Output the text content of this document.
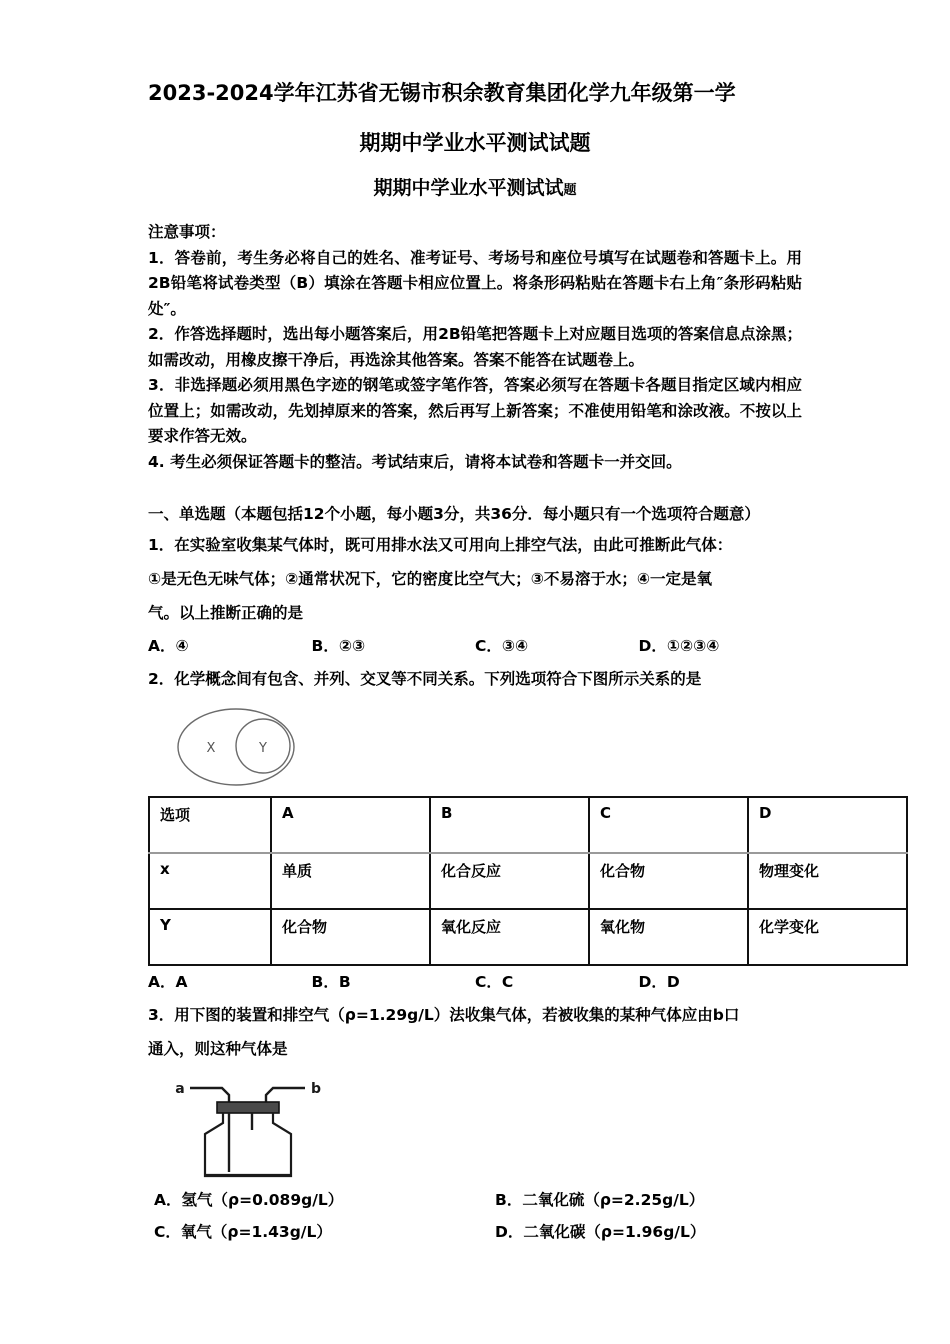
2023-2024学年江苏省无锡市积余教育集团化学九年级第一学
期期中学业水平测试试题
期期中学业水平测试试题

注意事项：

1．答卷前，考生务必将自己的姓名、准考证号、考场号和座位号填写在试题卷和答题卡上。用2B铅笔将试卷类型（B）填涂在答题卡相应位置上。将条形码粘贴在答题卡右上角″条形码粘贴处″。

2．作答选择题时，选出每小题答案后，用2B铅笔把答题卡上对应题目选项的答案信息点涂黑；如需改动，用橡皮擦干净后，再选涂其他答案。答案不能答在试题卷上。

3．非选择题必须用黑色字迹的钢笔或签字笔作答，答案必须写在答题卡各题目指定区域内相应位置上；如需改动，先划掉原来的答案，然后再写上新答案；不准使用铅笔和涂改液。不按以上要求作答无效。

4. 考生必须保证答题卡的整洁。考试结束后，请将本试卷和答题卡一并交回。

一、单选题（本题包括12个小题，每小题3分，共36分．每小题只有一个选项符合题意）

1．在实验室收集某气体时，既可用排水法又可用向上排空气法，由此可推断此气体：

①是无色无味气体；②通常状况下，它的密度比空气大；③不易溶于水；④一定是氧

气。以上推断正确的是

A．④	B．②③	C．③④	D．①②③④

2．化学概念间有包含、并列、交叉等不同关系。下列选项符合下图所示关系的是

X	Y
选项	A	B	C	D
x	单质	化合反应	化合物	物理变化
Y	化合物	氧化反应	氧化物	化学变化
A．A	B．B	C．C	D．D

3．用下图的装置和排空气（ρ=1.29g/L）法收集气体，若被收集的某种气体应由b口

通入，则这种气体是

a	b
A．氢气（ρ=0.089g/L）	B．二氧化硫（ρ=2.25g/L）
C．氧气（ρ=1.43g/L）	D．二氧化碳（ρ=1.96g/L）
